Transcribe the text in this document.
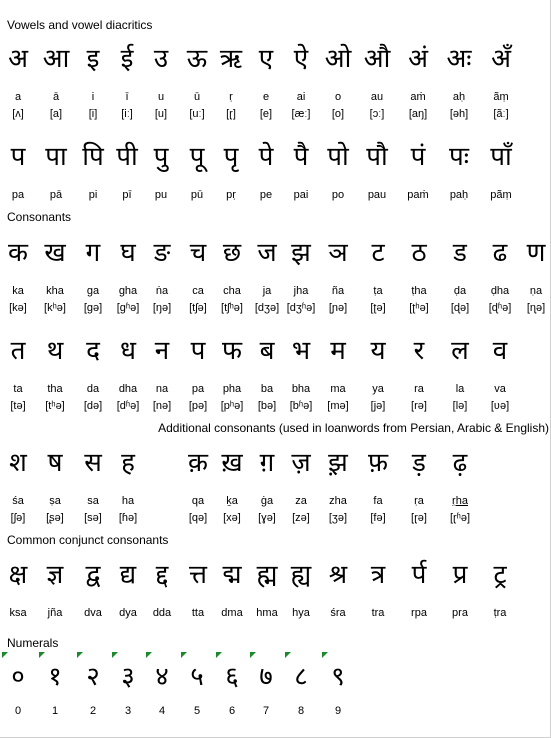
Vowels and vowel diacritics
अ
a
[ʌ]
आ
ā
[a]
इ
i
[i]
ई
ī
[iː]
उ
u
[u]
ऊ
ū
[uː]
ऋ
ṛ
[ɽ]
ए
e
[e]
ऐ
ai
[æː]
ओ
o
[o]
औ
au
[ɔː]
अं
aṁ
[aŋ]
अः
aḥ
[əh]
अँ
ãṃ
[ãː]
प
pa
पा
pā
पि
pi
पी
pī
पु
pu
पू
pū
पृ
pṛ
पे
pe
पै
pai
पो
po
पौ
pau
पं
paṁ
पः
paḥ
पाँ
pãṃ
Consonants
क
ka
[kə]
ख
kha
[kʰə]
ग
ga
[gə]
घ
gha
[gʱə]
ङ
ṅa
[ŋə]
च
ca
[tʃə]
छ
cha
[tʃʰə]
ज
ja
[dʒə]
झ
jha
[dʒʱə]
ञ
ña
[ɲə]
ट
ṭa
[ʈə]
ठ
ṭha
[ʈʰə]
ड
ḍa
[ɖə]
ढ
ḍha
[ɖʱə]
ण
ṇa
[ɳə]
त
ta
[tə]
थ
tha
[tʰə]
द
da
[də]
ध
dha
[dʱə]
न
na
[nə]
प
pa
[pə]
फ
pha
[pʰə]
ब
ba
[bə]
भ
bha
[bʱə]
म
ma
[mə]
य
ya
[jə]
र
ra
[rə]
ल
la
[lə]
व
va
[ʋə]
Additional consonants (used in loanwords from Persian, Arabic & English)
श
śa
[ʃə]
ष
ṣa
[ʂə]
स
sa
[sə]
ह
ha
[ɦə]
क़
qa
[qə]
ख़
ḵa
[xə]
ग़
ġa
[ɣə]
ज़
za
[zə]
झ़
zha
[ʒə]
फ़
fa
[fə]
ड़
ṛa
[ɽə]
ढ़
ṛha
[ɽʱə]
Common conjunct consonants
क्ष
ksa
ज्ञ
jña
द्व
dva
द्य
dya
द्द
dda
त्त
tta
द्म
dma
ह्म
hma
ह्य
hya
श्र
śra
त्र
tra
र्प
rpa
प्र
pra
ट्र
ṭra
Numerals
०
0
१
1
२
2
३
3
४
4
५
5
६
6
७
7
८
8
९
9
